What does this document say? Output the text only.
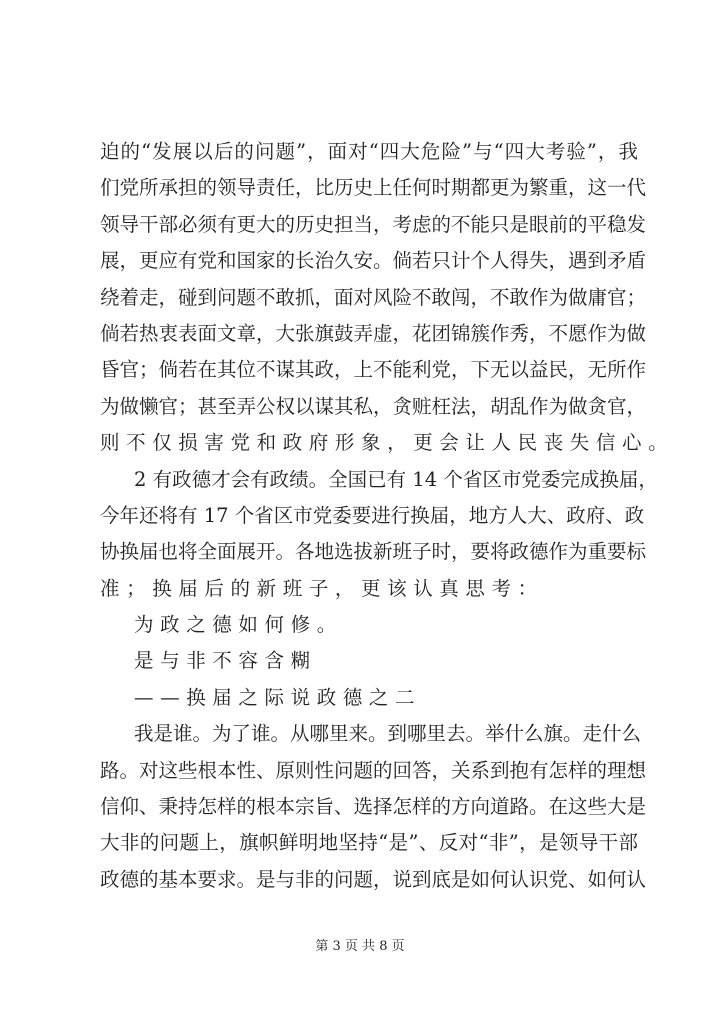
迫的“发展以后的问题”，面对“四大危险”与“四大考验”，我
们党所承担的领导责任，比历史上任何时期都更为繁重，这一代
领导干部必须有更大的历史担当，考虑的不能只是眼前的平稳发
展，更应有党和国家的长治久安。倘若只计个人得失，遇到矛盾
绕着走，碰到问题不敢抓，面对风险不敢闯，不敢作为做庸官；
倘若热衷表面文章，大张旗鼓弄虚，花团锦簇作秀，不愿作为做
昏官；倘若在其位不谋其政，上不能利党，下无以益民，无所作
为做懒官；甚至弄公权以谋其私，贪赃枉法，胡乱作为做贪官，
则不仅损害党和政府形象，更会让人民丧失信心。
2 有政德才会有政绩。全国已有 14 个省区市党委完成换届，
今年还将有 17 个省区市党委要进行换届，地方人大、政府、政
协换届也将全面展开。各地选拔新班子时，要将政德作为重要标
准；换届后的新班子，更该认真思考：
为政之德如何修。
是与非不容含糊
——换届之际说政德之二
我是谁。为了谁。从哪里来。到哪里去。举什么旗。走什么
路。对这些根本性、原则性问题的回答，关系到抱有怎样的理想
信仰、秉持怎样的根本宗旨、选择怎样的方向道路。在这些大是
大非的问题上，旗帜鲜明地坚持“是”、反对“非”，是领导干部
政德的基本要求。是与非的问题，说到底是如何认识党、如何认
第 3 页 共 8 页
